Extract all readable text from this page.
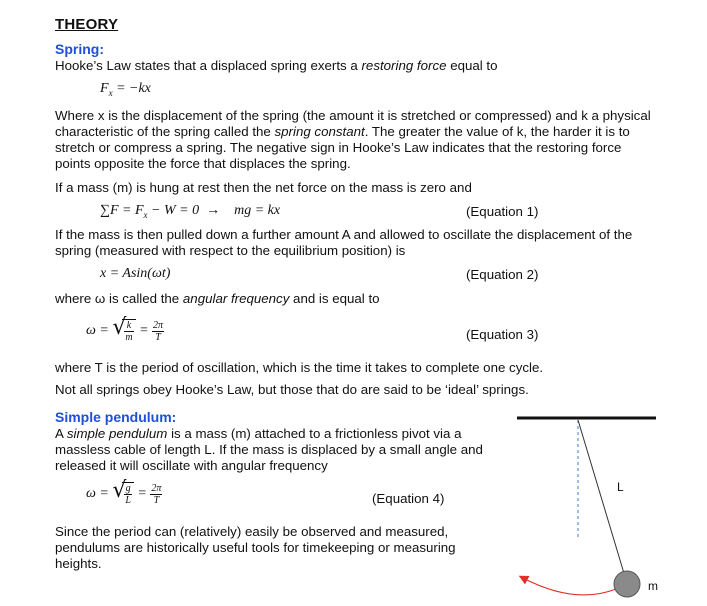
THEORY
Spring:
Hooke’s Law states that a displaced spring exerts a restoring force equal to
$F_x = -kx$
Where x is the displacement of the spring (the amount it is stretched or compressed) and k a physical
characteristic of the spring called the spring constant. The greater the value of k, the harder it is to
stretch or compress a spring. The negative sign in Hooke’s Law indicates that the restoring force
points opposite the force that displaces the spring.
If a mass (m) is hung at rest then the net force on the mass is zero and
$\sum F = F_x - W = 0$  →    mg = kx	(Equation 1)
If the mass is then pulled down a further amount A and allowed to oscillate the displacement of the
spring (measured with respect to the equilibrium position) is
x = Asin(ωt)	(Equation 2)
where ω is called the angular frequency and is equal to
ω = √
$\frac{k}{m} = \frac{2\pi}{T}$	(Equation 3)
where T is the period of oscillation, which is the time it takes to complete one cycle.
Not all springs obey Hooke’s Law, but those that do are said to be ‘ideal’ springs.
Simple pendulum:
A simple pendulum is a mass (m) attached to a frictionless pivot via a
massless cable of length L. If the mass is displaced by a small angle and
released it will oscillate with angular frequency
ω = √
$\frac{g}{L} = \frac{2\pi}{T}$	(Equation 4)
Since the period can (relatively) easily be observed and measured,
pendulums are historically useful tools for timekeeping or measuring
heights.
L
m
